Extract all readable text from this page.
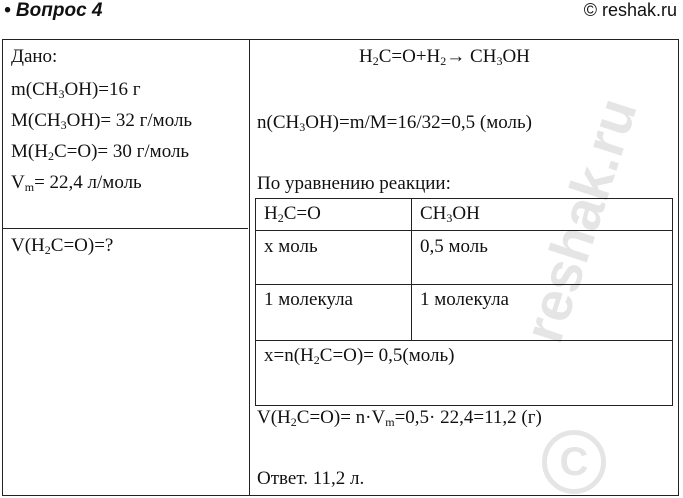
• Вопрос 4	© reshak.ru
Дано:
$m(CH_3OH)=16$ г
$M(CH_3OH)= 32$ г/моль
$M(H_2C=O)= 30$ г/моль
$V_m= 22,4$ л/моль
$V(H_2C=O)=$?
$H_2C=O+H_2\to CH_3OH$
$n(CH_3OH)=m/M=16/32=0,5$ (моль)
По уравнению реакции:
$H_2C=O$	$CH_3OH$
х моль	0,5 моль
1 молекула	1 молекула
$х=n(H_2C=O)=$ 0,5(моль)
$V(H_2C=O)= n\cdot V_m=0,5\cdot 22,4=11,2$ (г)
Ответ. 11,2 л.
reshak.ru
C
